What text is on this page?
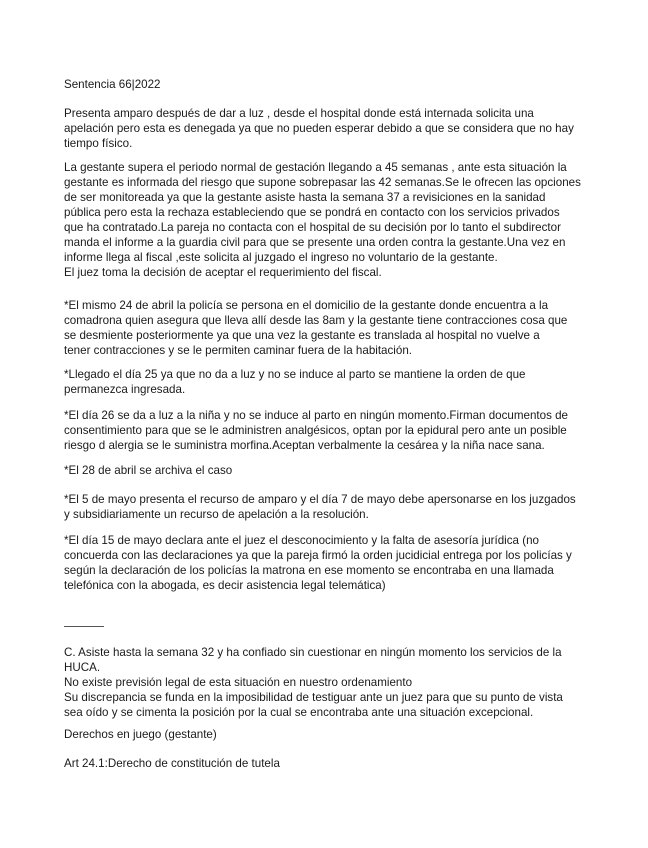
Sentencia 66|2022

Presenta amparo después de dar a luz , desde el hospital donde está internada solicita una
apelación pero esta es denegada ya que no pueden esperar debido a que se considera que no hay
tiempo físico.

La gestante supera el periodo normal de gestación llegando a 45 semanas , ante esta situación la
gestante es informada del riesgo que supone sobrepasar las 42 semanas.Se le ofrecen las opciones
de ser monitoreada ya que la gestante asiste hasta la semana 37 a revisiciones en la sanidad
pública pero esta la rechaza estableciendo que se pondrá en contacto con los servicios privados
que ha contratado.La pareja no contacta con el hospital de su decisión por lo tanto el subdirector
manda el informe a la guardia civil para que se presente una orden contra la gestante.Una vez en
informe llega al fiscal ,este solicita al juzgado el ingreso no voluntario de la gestante.
El juez toma la decisión de aceptar el requerimiento del fiscal.

*El mismo 24 de abril la policía se persona en el domicilio de la gestante donde encuentra a la
comadrona quien asegura que lleva allí desde las 8am y la gestante tiene contracciones cosa que
se desmiente posteriormente ya que una vez la gestante es translada al hospital no vuelve a
tener contracciones y se le permiten caminar fuera de la habitación.

*Llegado el día 25 ya que no da a luz y no se induce al parto se mantiene la orden de que
permanezca ingresada.

*El día 26 se da a luz a la niña y no se induce al parto en ningún momento.Firman documentos de
consentimiento para que se le administren analgésicos, optan por la epidural pero ante un posible
riesgo d alergia se le suministra morfina.Aceptan verbalmente la cesárea y la niña nace sana.

*El 28 de abril se archiva el caso

*El 5 de mayo presenta el recurso de amparo y el día 7 de mayo debe apersonarse en los juzgados
y subsidiariamente un recurso de apelación a la resolución.

*El día 15 de mayo declara ante el juez el desconocimiento y la falta de asesoría jurídica (no
concuerda con las declaraciones ya que la pareja firmó la orden jucidicial entrega por los policías y
según la declaración de los policías la matrona en ese momento se encontraba en una llamada
telefónica con la abogada, es decir asistencia legal telemática)

C. Asiste hasta la semana 32 y ha confiado sin cuestionar en ningún momento los servicios de la
HUCA.
No existe previsión legal de esta situación en nuestro ordenamiento
Su discrepancia se funda en la imposibilidad de testiguar ante un juez para que su punto de vista
sea oído y se cimenta la posición por la cual se encontraba ante una situación excepcional.

Derechos en juego (gestante)

Art 24.1:Derecho de constitución de tutela
